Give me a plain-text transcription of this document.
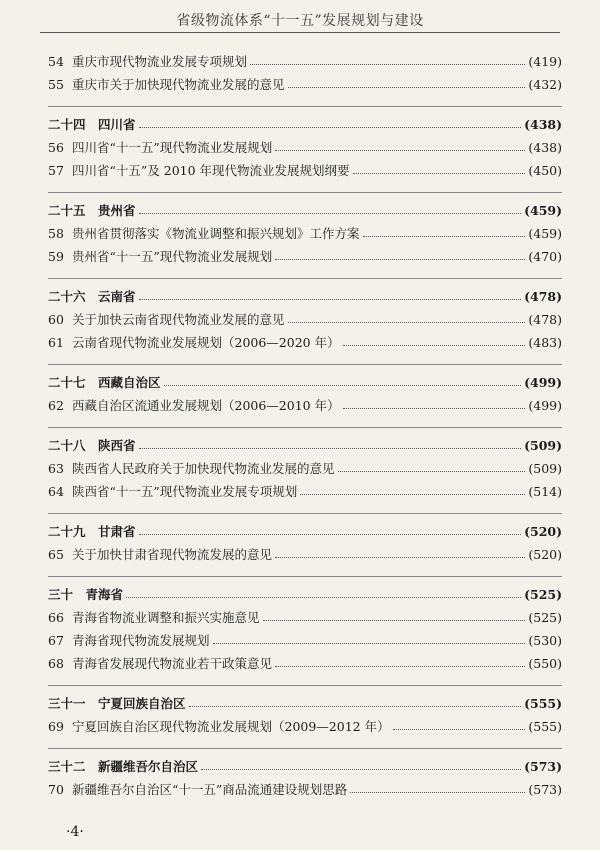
省级物流体系“十一五”发展规划与建设
54 重庆市现代物流业发展专项规划	(419)
55 重庆市关于加快现代物流业发展的意见	(432)
二十四　四川省	(438)
56 四川省“十一五”现代物流业发展规划	(438)
57 四川省“十五”及 2010 年现代物流业发展规划纲要	(450)
二十五　贵州省	(459)
58 贵州省贯彻落实《物流业调整和振兴规划》工作方案	(459)
59 贵州省“十一五”现代物流业发展规划	(470)
二十六　云南省	(478)
60 关于加快云南省现代物流业发展的意见	(478)
61 云南省现代物流业发展规划（2006—2020 年）	(483)
二十七　西藏自治区	(499)
62 西藏自治区流通业发展规划（2006—2010 年）	(499)
二十八　陕西省	(509)
63 陕西省人民政府关于加快现代物流业发展的意见	(509)
64 陕西省“十一五”现代物流业发展专项规划	(514)
二十九　甘肃省	(520)
65 关于加快甘肃省现代物流发展的意见	(520)
三十　青海省	(525)
66 青海省物流业调整和振兴实施意见	(525)
67 青海省现代物流发展规划	(530)
68 青海省发展现代物流业若干政策意见	(550)
三十一　宁夏回族自治区	(555)
69 宁夏回族自治区现代物流业发展规划（2009—2012 年）	(555)
三十二　新疆维吾尔自治区	(573)
70 新疆维吾尔自治区“十一五”商品流通建设规划思路	(573)
·4·
